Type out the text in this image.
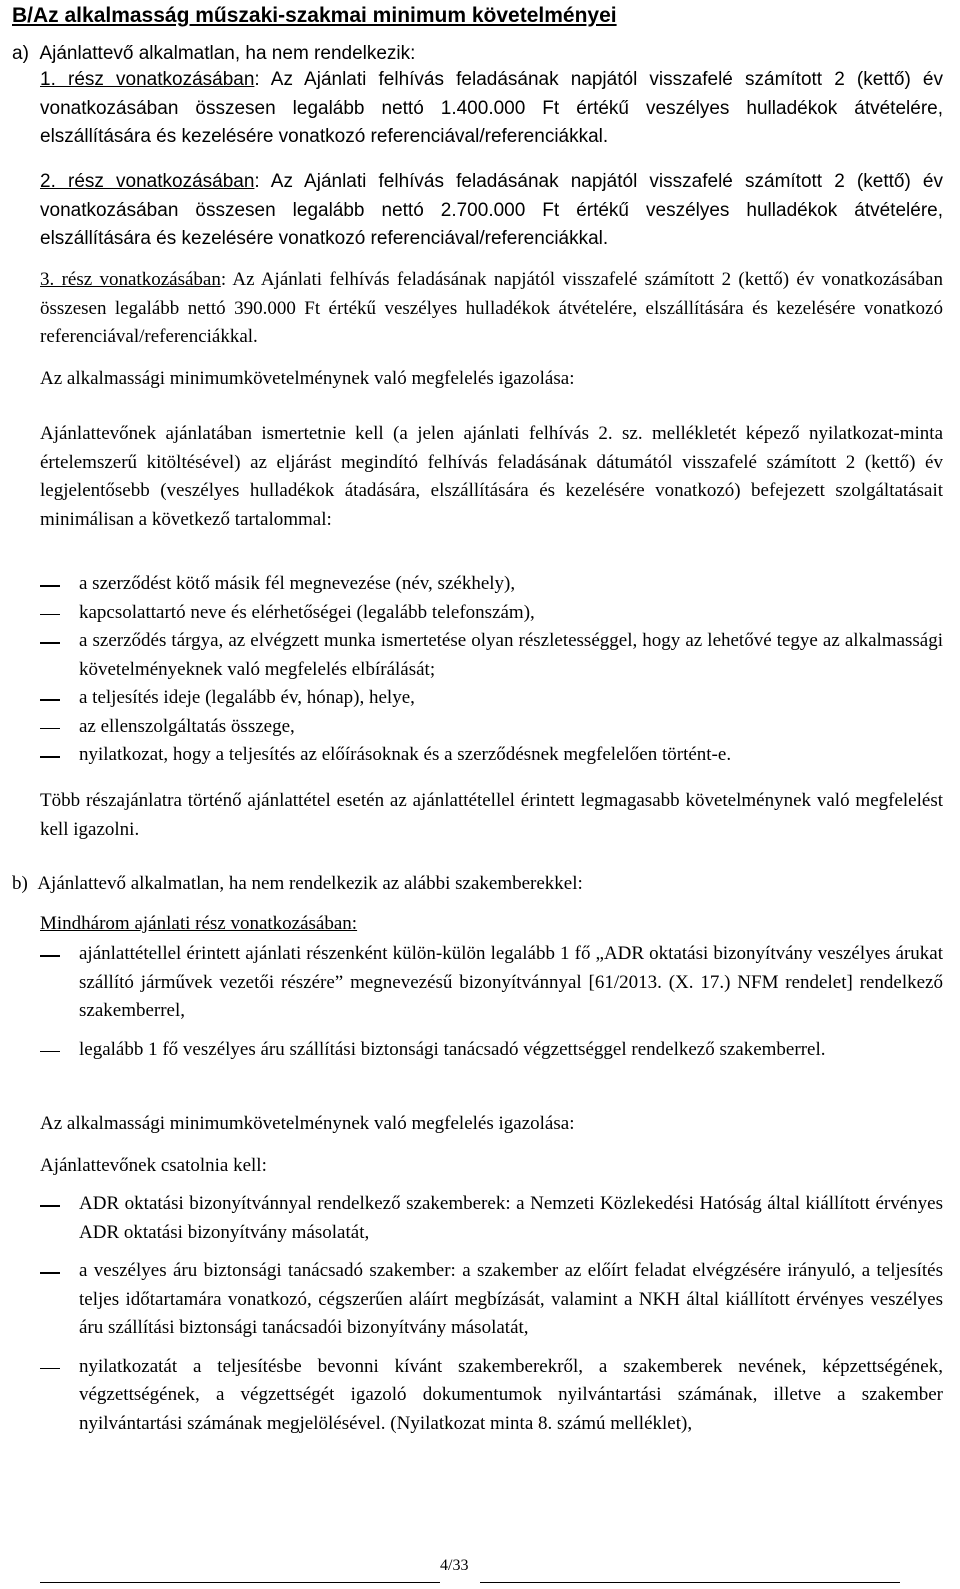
B/Az alkalmasság műszaki-szakmai minimum követelményei
a)  Ajánlattevő alkalmatlan, ha nem rendelkezik:
1. rész vonatkozásában: Az Ajánlati felhívás feladásának napjától visszafelé számított 2 (kettő) év vonatkozásában összesen legalább nettó 1.400.000 Ft értékű veszélyes hulladékok átvételére, elszállítására és kezelésére vonatkozó referenciával/referenciákkal.
2. rész vonatkozásában: Az Ajánlati felhívás feladásának napjától visszafelé számított 2 (kettő) év vonatkozásában összesen legalább nettó 2.700.000 Ft értékű veszélyes hulladékok átvételére, elszállítására és kezelésére vonatkozó referenciával/referenciákkal.
3. rész vonatkozásában: Az Ajánlati felhívás feladásának napjától visszafelé számított 2 (kettő) év vonatkozásában összesen legalább nettó 390.000 Ft értékű veszélyes hulladékok átvételére, elszállítására és kezelésére vonatkozó referenciával/referenciákkal.
Az alkalmassági minimumkövetelménynek való megfelelés igazolása:
Ajánlattevőnek ajánlatában ismertetnie kell (a jelen ajánlati felhívás 2. sz. mellékletét képező nyilatkozat-minta értelemszerű kitöltésével) az eljárást megindító felhívás feladásának dátumától visszafelé számított 2 (kettő) év legjelentősebb (veszélyes hulladékok átadására, elszállítására és kezelésére vonatkozó) befejezett szolgáltatásait minimálisan a következő tartalommal:
a szerződést kötő másik fél megnevezése (név, székhely),
kapcsolattartó neve és elérhetőségei (legalább telefonszám),
a szerződés tárgya, az elvégzett munka ismertetése olyan részletességgel, hogy az lehetővé tegye az alkalmassági követelményeknek való megfelelés elbírálását;
a teljesítés ideje (legalább év, hónap), helye,
az ellenszolgáltatás összege,
nyilatkozat, hogy a teljesítés az előírásoknak és a szerződésnek megfelelően történt-e.
Több részajánlatra történő ajánlattétel esetén az ajánlattétellel érintett legmagasabb követelménynek való megfelelést kell igazolni.
b)  Ajánlattevő alkalmatlan, ha nem rendelkezik az alábbi szakemberekkel:
Mindhárom ajánlati rész vonatkozásában:
ajánlattétellel érintett ajánlati részenként külön-külön legalább 1 fő „ADR oktatási bizonyítvány veszélyes árukat szállító járművek vezetői részére” megnevezésű bizonyítvánnyal [61/2013. (X. 17.) NFM rendelet] rendelkező szakemberrel,
legalább 1 fő veszélyes áru szállítási biztonsági tanácsadó végzettséggel rendelkező szakemberrel.
Az alkalmassági minimumkövetelménynek való megfelelés igazolása:
Ajánlattevőnek csatolnia kell:
ADR oktatási bizonyítvánnyal rendelkező szakemberek: a Nemzeti Közlekedési Hatóság által kiállított érvényes ADR oktatási bizonyítvány másolatát,
a veszélyes áru biztonsági tanácsadó szakember: a szakember az előírt feladat elvégzésére irányuló, a teljesítés teljes időtartamára vonatkozó, cégszerűen aláírt megbízását, valamint a NKH által kiállított érvényes veszélyes áru szállítási biztonsági tanácsadói bizonyítvány másolatát,
nyilatkozatát a teljesítésbe bevonni kívánt szakemberekről, a szakemberek nevének, képzettségének, végzettségének, a végzettségét igazoló dokumentumok nyilvántartási számának, illetve a szakember nyilvántartási számának megjelölésével. (Nyilatkozat minta 8. számú melléklet),
4/33
